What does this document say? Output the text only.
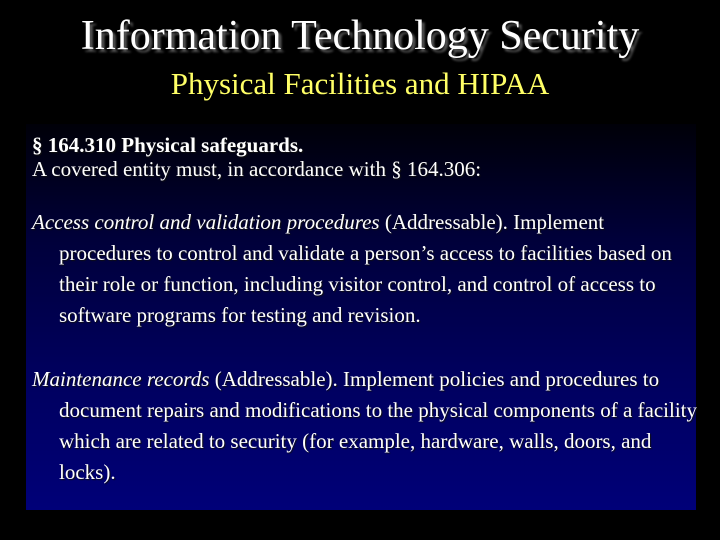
Information Technology Security
Physical Facilities and HIPAA

§ 164.310 Physical safeguards.

A covered entity must, in accordance with § 164.306:

Access control and validation procedures (Addressable). Implement procedures to control and validate a person’s access to facilities based on their role or function, including visitor control, and control of access to software programs for testing and revision.

Maintenance records (Addressable). Implement policies and procedures to document repairs and modifications to the physical components of a facility which are related to security (for example, hardware, walls, doors, and locks).
